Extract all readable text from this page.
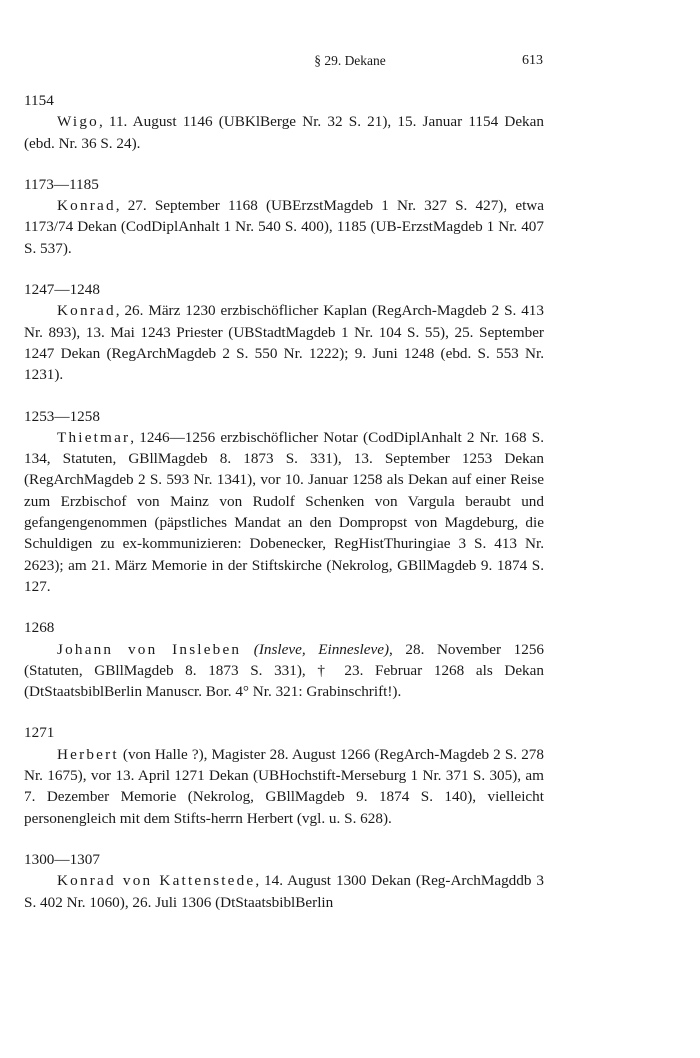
§ 29. Dekane	613
1154
Wigo, 11. August 1146 (UBKlBerge Nr. 32 S. 21), 15. Januar 1154 Dekan (ebd. Nr. 36 S. 24).
1173—1185
Konrad, 27. September 1168 (UBErzstMagdeb 1 Nr. 327 S. 427), etwa 1173/74 Dekan (CodDiplAnhalt 1 Nr. 540 S. 400), 1185 (UB-ErzstMagdeb 1 Nr. 407 S. 537).
1247—1248
Konrad, 26. März 1230 erzbischöflicher Kaplan (RegArch-Magdeb 2 S. 413 Nr. 893), 13. Mai 1243 Priester (UBStadtMagdeb 1 Nr. 104 S. 55), 25. September 1247 Dekan (RegArchMagdeb 2 S. 550 Nr. 1222); 9. Juni 1248 (ebd. S. 553 Nr. 1231).
1253—1258
Thietmar, 1246—1256 erzbischöflicher Notar (CodDiplAnhalt 2 Nr. 168 S. 134, Statuten, GBllMagdeb 8. 1873 S. 331), 13. September 1253 Dekan (RegArchMagdeb 2 S. 593 Nr. 1341), vor 10. Januar 1258 als Dekan auf einer Reise zum Erzbischof von Mainz von Rudolf Schenken von Vargula beraubt und gefangengenommen (päpstliches Mandat an den Dompropst von Magdeburg, die Schuldigen zu ex-kommunizieren: Dobenecker, RegHistThuringiae 3 S. 413 Nr. 2623); am 21. März Memorie in der Stiftskirche (Nekrolog, GBllMagdeb 9. 1874 S. 127.
1268
Johann von Insleben (Insleve, Einnesleve), 28. November 1256 (Statuten, GBllMagdeb 8. 1873 S. 331), † 23. Februar 1268 als Dekan (DtStaatsbiblBerlin Manuscr. Bor. 4° Nr. 321: Grabinschrift!).
1271
Herbert (von Halle ?), Magister 28. August 1266 (RegArch-Magdeb 2 S. 278 Nr. 1675), vor 13. April 1271 Dekan (UBHochstift-Merseburg 1 Nr. 371 S. 305), am 7. Dezember Memorie (Nekrolog, GBllMagdeb 9. 1874 S. 140), vielleicht personengleich mit dem Stifts-herrn Herbert (vgl. u. S. 628).
1300—1307
Konrad von Kattenstede, 14. August 1300 Dekan (Reg-ArchMagddb 3 S. 402 Nr. 1060), 26. Juli 1306 (DtStaatsbiblBerlin
